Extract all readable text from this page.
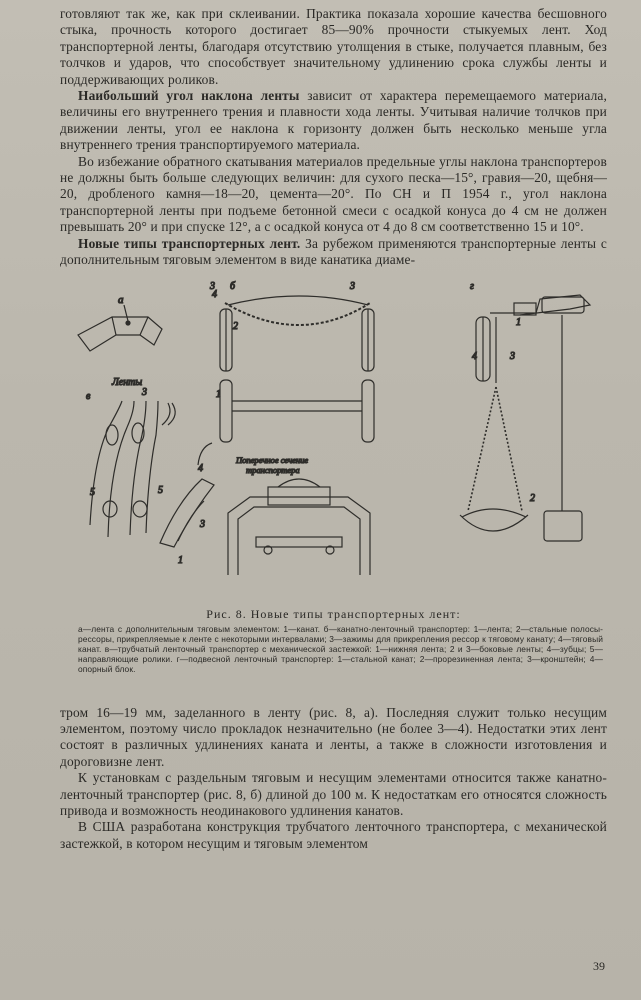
готовляют так же, как при склеивании. Практика показала хорошие качества бесшовного стыка, прочность которого достигает 85—90% прочности стыкуемых лент. Ход транспортерной ленты, благодаря отсутствию утолщения в стыке, получается плавным, без толчков и ударов, что способствует значительному удлинению срока службы ленты и поддерживающих роликов.

Наибольший угол наклона ленты зависит от характера перемещаемого материала, величины его внутреннего трения и плавности хода ленты. Учитывая наличие толчков при движении ленты, угол ее наклона к горизонту должен быть несколько меньше угла внутреннего трения транспортируемого материала.

Во избежание обратного скатывания материалов предельные углы наклона транспортеров не должны быть больше следующих величин: для сухого песка—15°, гравия—20, щебня—20, дробленого камня—18—20, цемента—20°. По СН и П 1954 г., угол наклона транспортерной ленты при подъеме бетонной смеси с осадкой конуса до 4 см не должен превышать 20° и при спуске 12°, а с осадкой конуса от 4 до 8 см соответственно 15 и 10°.

Новые типы транспортерных лент. За рубежом применяются транспортерные ленты с дополнительным тяговым элементом в виде канатика диаме-

а
3 б	3
2
4
1
Поперечное сечение
транспортера
Ленты
в
5	5
3
3
1
4
г
4	3
1
2
Рис. 8. Новые типы транспортерных лент:

а—лента с дополнительным тяговым элементом: 1—канат. б—канатно-ленточный транспортер: 1—лента; 2—стальные полосы-рессоры, прикрепляемые к ленте с некоторыми интервалами; 3—зажимы для прикрепления рессор к тяговому канату; 4—тяговый канат. в—трубчатый ленточный транспортер с механической застежкой: 1—нижняя лента; 2 и 3—боковые ленты; 4—зубцы; 5—направляющие ролики. г—подвесной ленточный транспортер: 1—стальной канат; 2—прорезиненная лента; 3—кронштейн; 4—опорный блок.

тром 16—19 мм, заделанного в ленту (рис. 8, а). Последняя служит только несущим элементом, поэтому число прокладок незначительно (не более 3—4). Недостатки этих лент состоят в различных удлинениях каната и ленты, а также в сложности изготовления и дороговизне лент.

К установкам с раздельным тяговым и несущим элементами относится также канатно-ленточный транспортер (рис. 8, б) длиной до 100 м. К недостаткам его относятся сложность привода и возможность неодинакового удлинения канатов.

В США разработана конструкция трубчатого ленточного транспортера, с механической застежкой, в котором несущим и тяговым элементом

39
